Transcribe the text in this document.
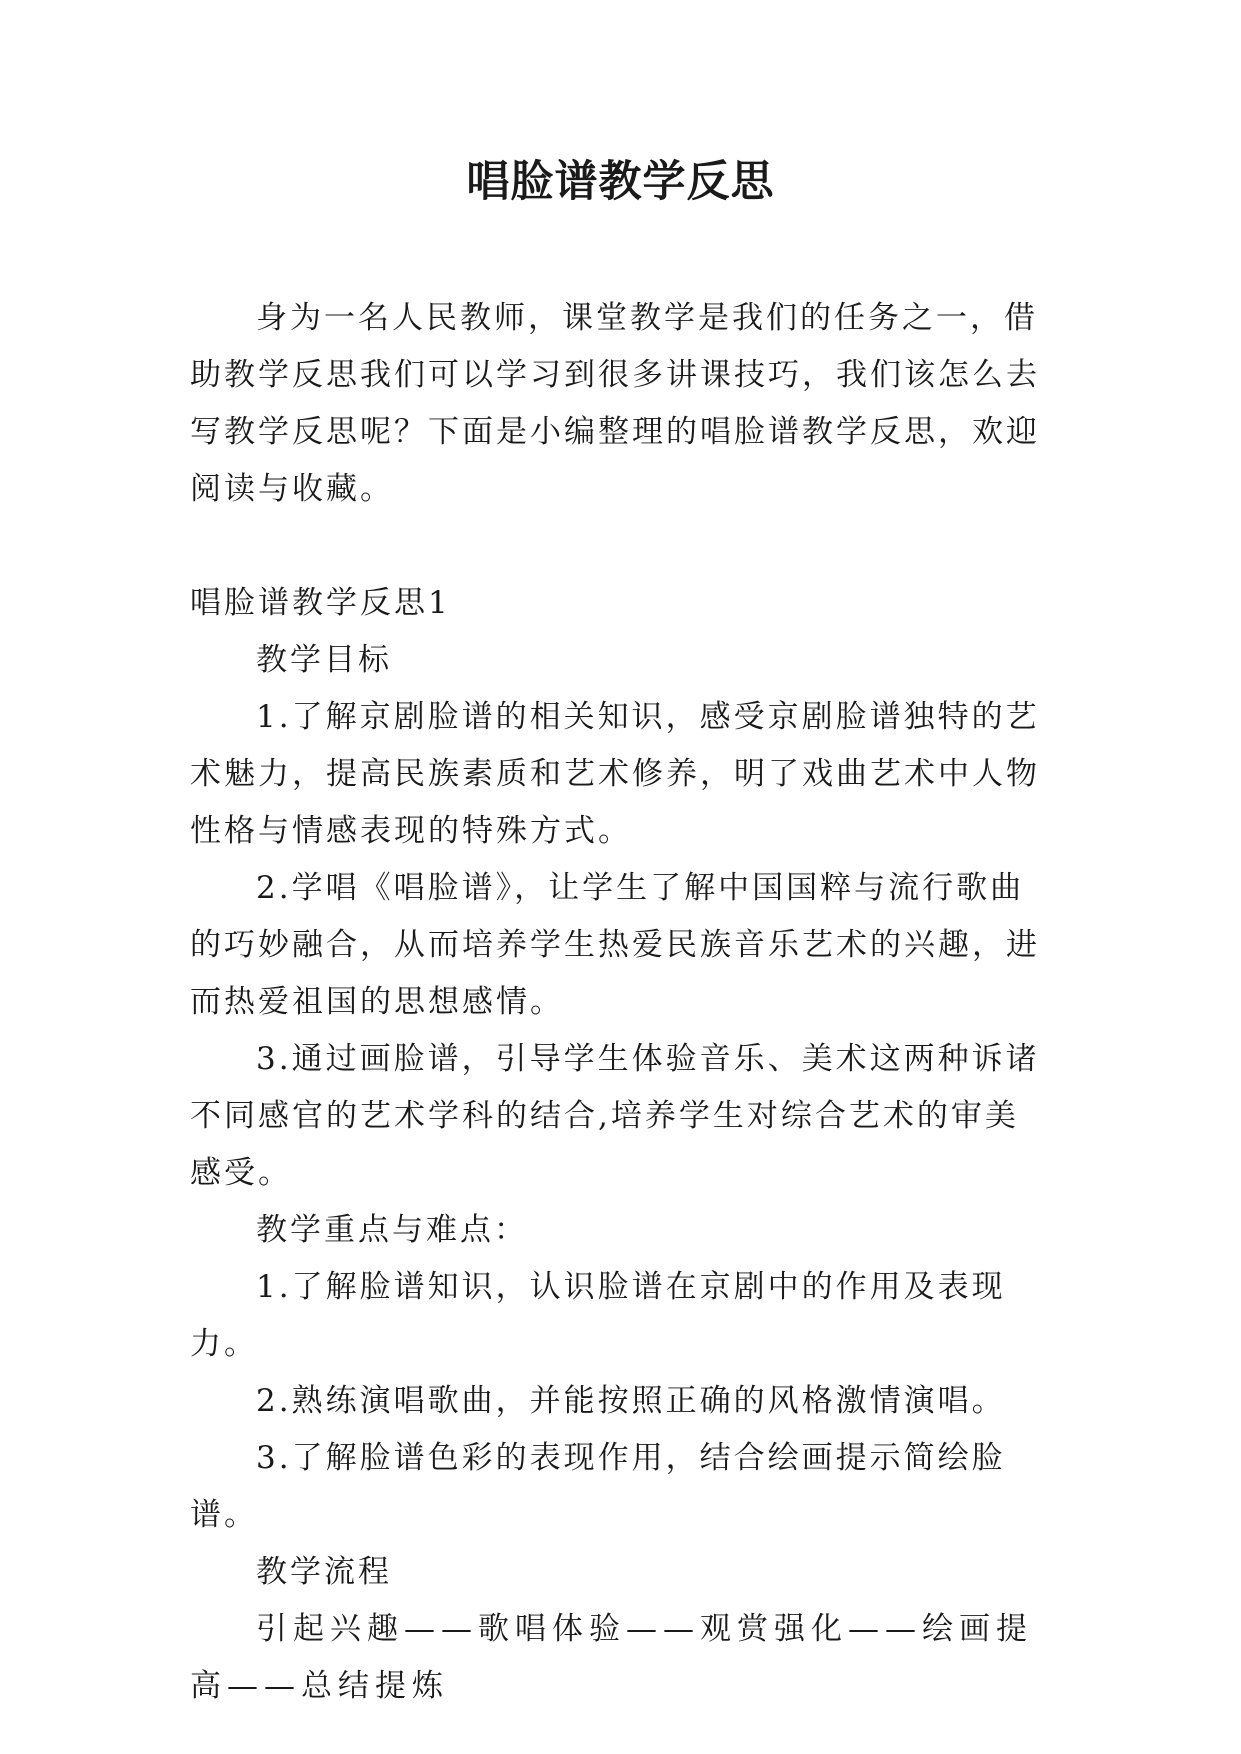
唱脸谱教学反思

身为一名人民教师，课堂教学是我们的任务之一，借助教学反思我们可以学习到很多讲课技巧，我们该怎么去写教学反思呢？下面是小编整理的唱脸谱教学反思，欢迎阅读与收藏。

唱脸谱教学反思1

教学目标

1.了解京剧脸谱的相关知识，感受京剧脸谱独特的艺术魅力，提高民族素质和艺术修养，明了戏曲艺术中人物性格与情感表现的特殊方式。

2.学唱《唱脸谱》，让学生了解中国国粹与流行歌曲的巧妙融合，从而培养学生热爱民族音乐艺术的兴趣，进而热爱祖国的思想感情。

3.通过画脸谱，引导学生体验音乐、美术这两种诉诸不同感官的艺术学科的结合,培养学生对综合艺术的审美感受。

教学重点与难点：

1.了解脸谱知识，认识脸谱在京剧中的作用及表现力。

2.熟练演唱歌曲，并能按照正确的风格激情演唱。

3.了解脸谱色彩的表现作用，结合绘画提示简绘脸谱。

教学流程

引起兴趣——歌唱体验——观赏强化——绘画提高——总结提炼
